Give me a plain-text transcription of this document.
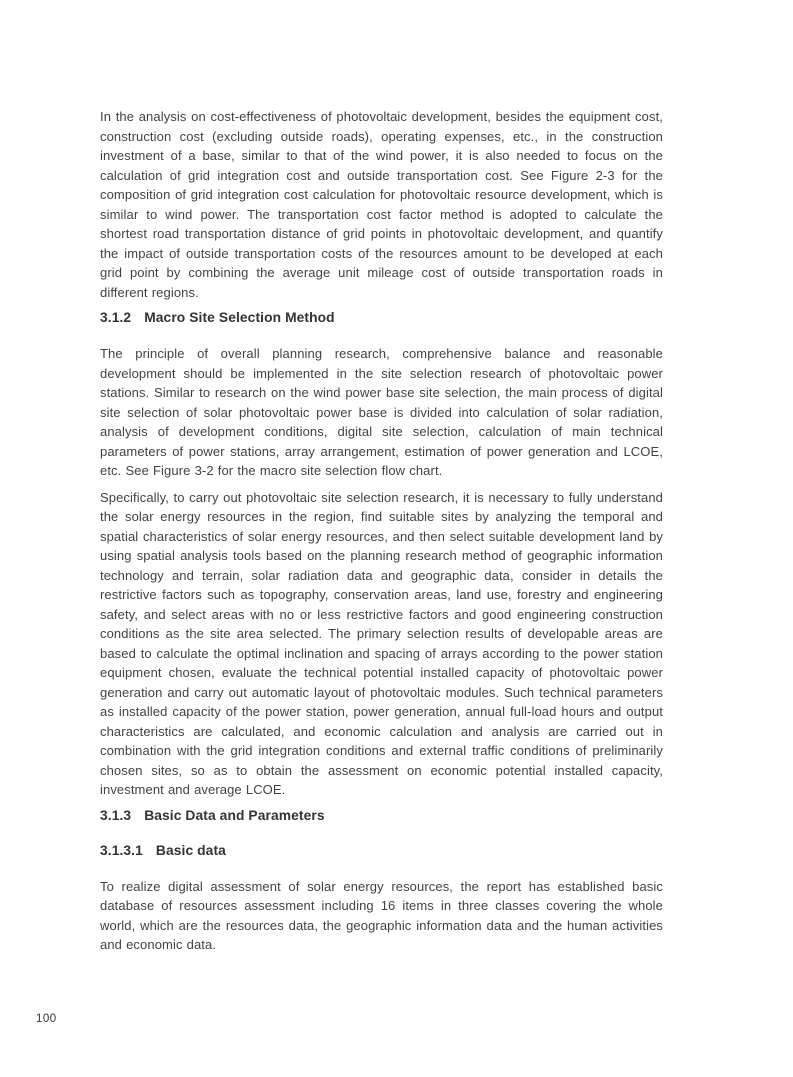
In the analysis on cost-effectiveness of photovoltaic development, besides the equipment cost, construction cost (excluding outside roads), operating expenses, etc., in the construction investment of a base, similar to that of the wind power, it is also needed to focus on the calculation of grid integration cost and outside transportation cost. See Figure 2-3 for the composition of grid integration cost calculation for photovoltaic resource development, which is similar to wind power. The transportation cost factor method is adopted to calculate the shortest road transportation distance of grid points in photovoltaic development, and quantify the impact of outside transportation costs of the resources amount to be developed at each grid point by combining the average unit mileage cost of outside transportation roads in different regions.

3.1.2 Macro Site Selection Method

The principle of overall planning research, comprehensive balance and reasonable development should be implemented in the site selection research of photovoltaic power stations. Similar to research on the wind power base site selection, the main process of digital site selection of solar photovoltaic power base is divided into calculation of solar radiation, analysis of development conditions, digital site selection, calculation of main technical parameters of power stations, array arrangement, estimation of power generation and LCOE, etc. See Figure 3-2 for the macro site selection flow chart.

Specifically, to carry out photovoltaic site selection research, it is necessary to fully understand the solar energy resources in the region, find suitable sites by analyzing the temporal and spatial characteristics of solar energy resources, and then select suitable development land by using spatial analysis tools based on the planning research method of geographic information technology and terrain, solar radiation data and geographic data, consider in details the restrictive factors such as topography, conservation areas, land use, forestry and engineering safety, and select areas with no or less restrictive factors and good engineering construction conditions as the site area selected. The primary selection results of developable areas are based to calculate the optimal inclination and spacing of arrays according to the power station equipment chosen, evaluate the technical potential installed capacity of photovoltaic power generation and carry out automatic layout of photovoltaic modules. Such technical parameters as installed capacity of the power station, power generation, annual full-load hours and output characteristics are calculated, and economic calculation and analysis are carried out in combination with the grid integration conditions and external traffic conditions of preliminarily chosen sites, so as to obtain the assessment on economic potential installed capacity, investment and average LCOE.

3.1.3 Basic Data and Parameters
3.1.3.1 Basic data

To realize digital assessment of solar energy resources, the report has established basic database of resources assessment including 16 items in three classes covering the whole world, which are the resources data, the geographic information data and the human activities and economic data.

100
